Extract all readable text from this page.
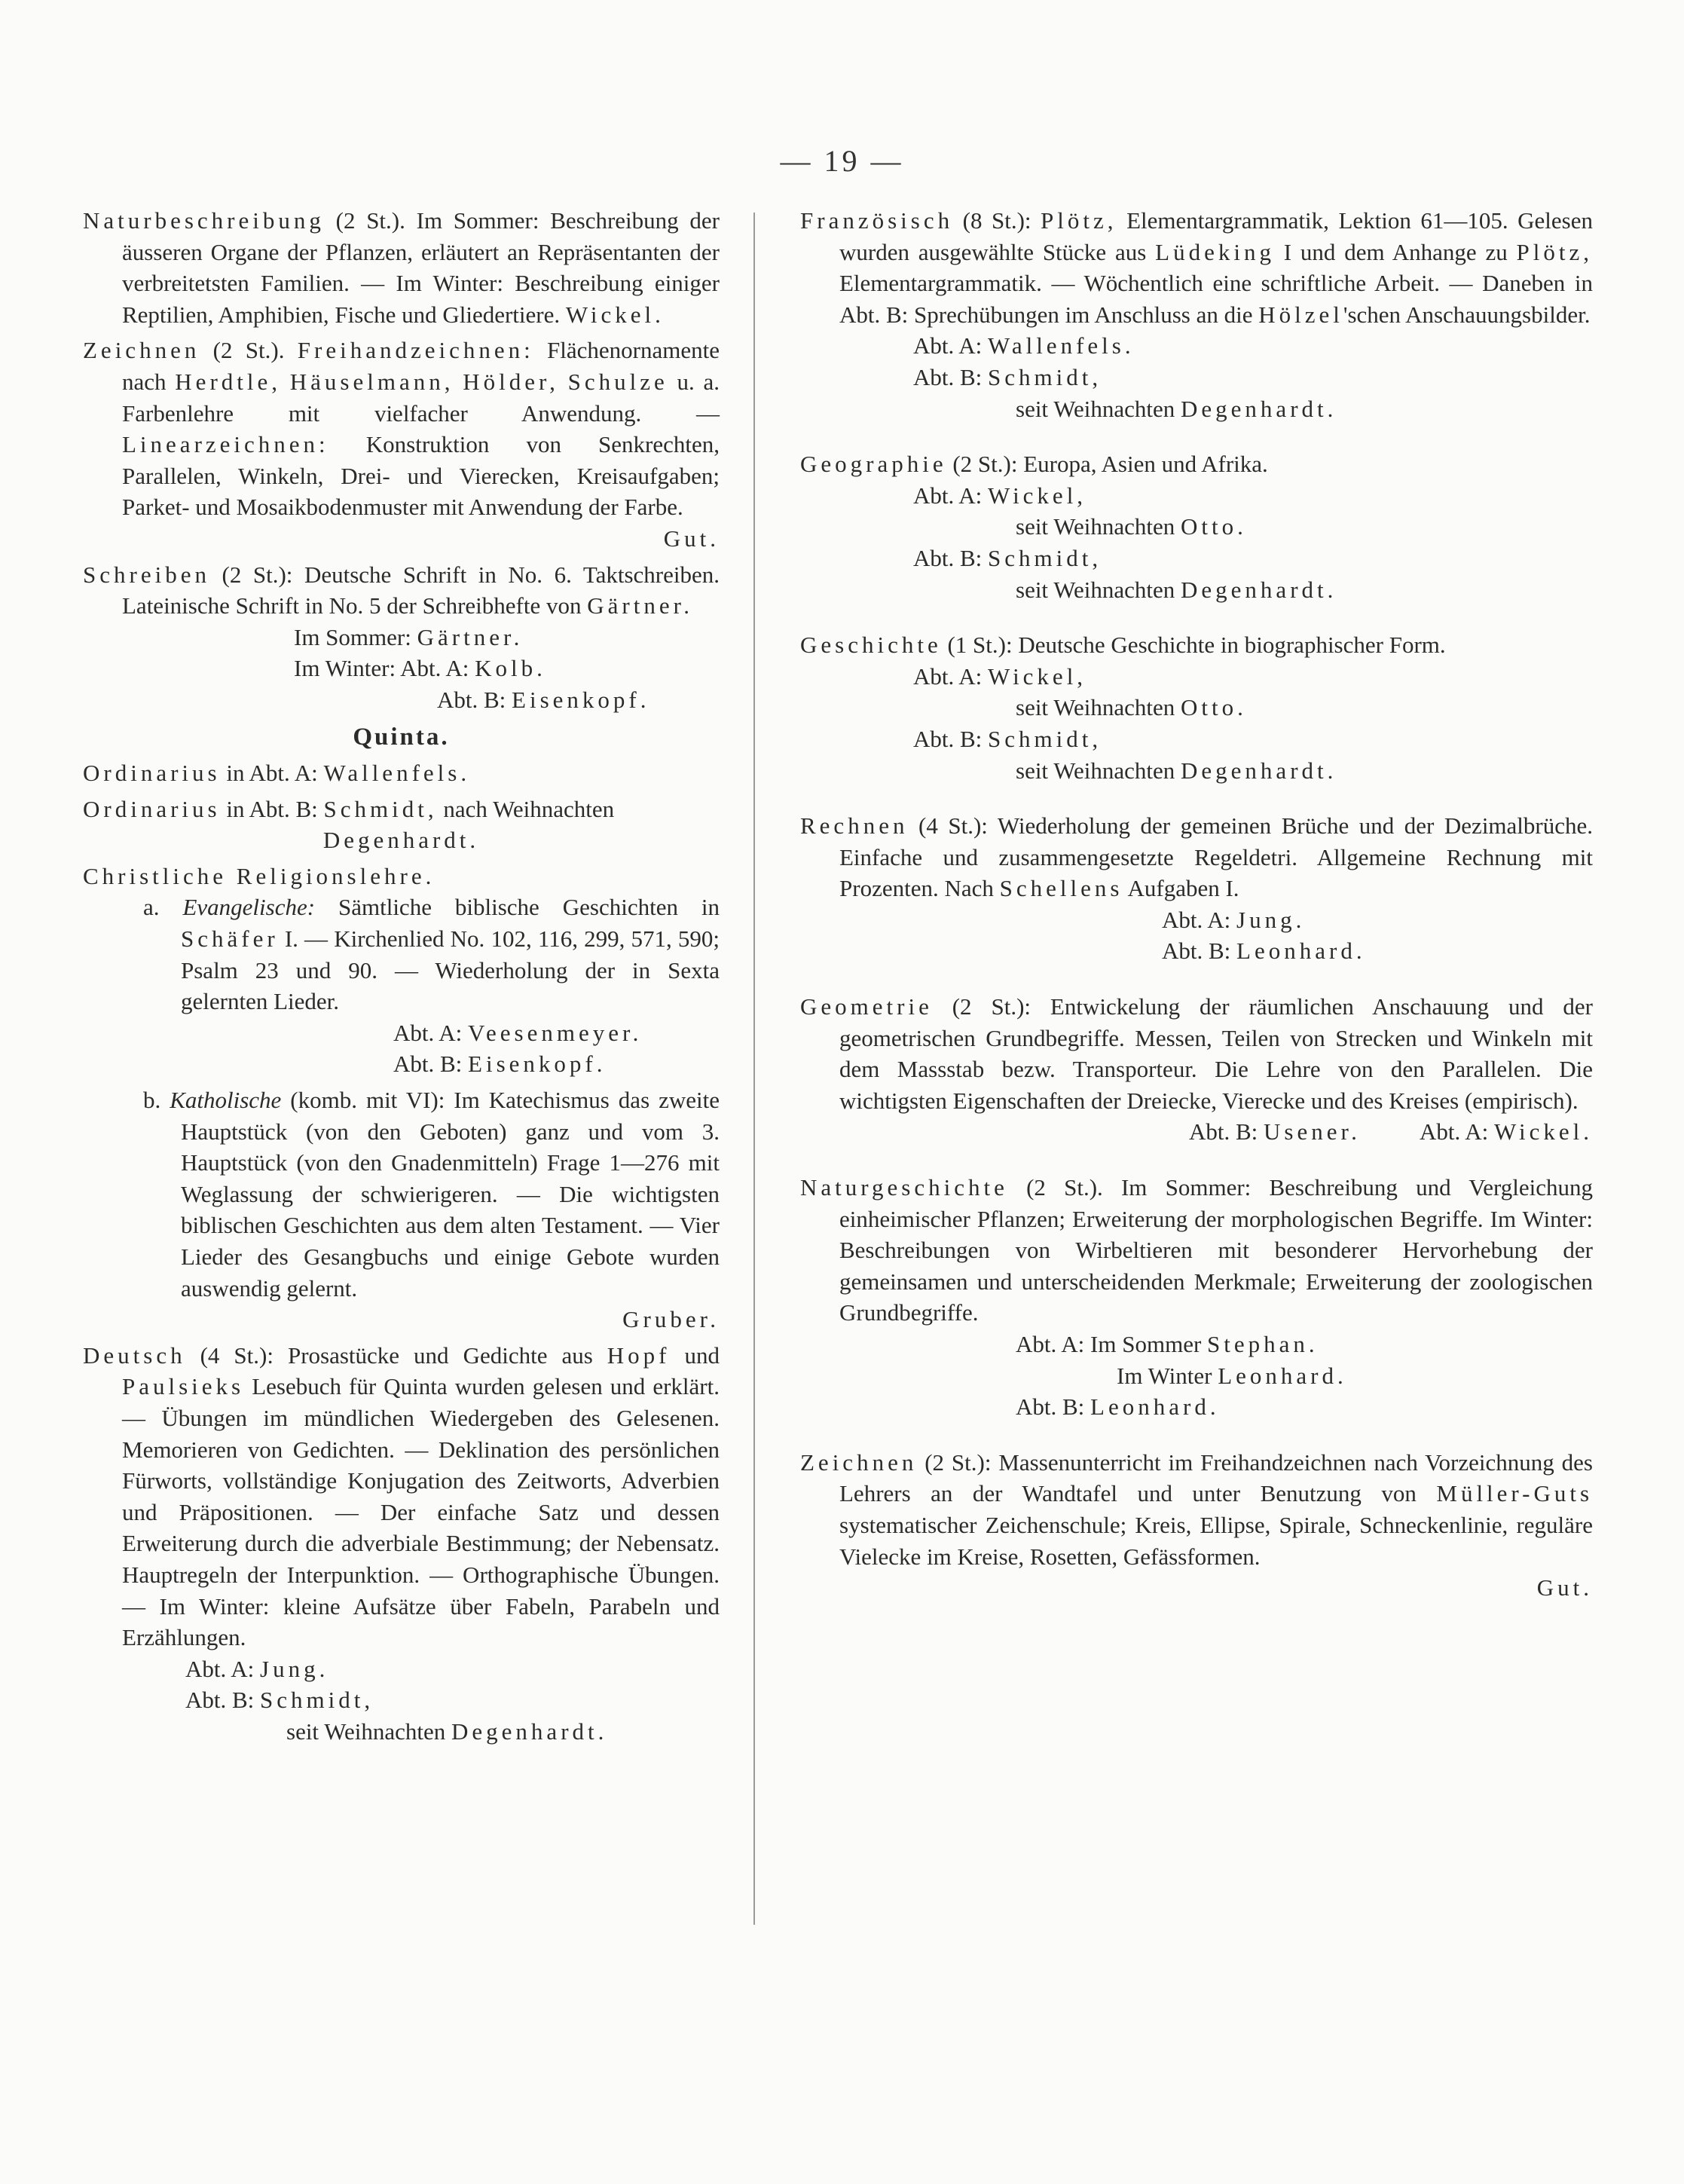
— 19 —

Naturbeschreibung (2 St.). Im Sommer: Beschreibung der äusseren Organe der Pflanzen, erläutert an Repräsentanten der verbreitetsten Familien. — Im Winter: Beschreibung einiger Reptilien, Amphibien, Fische und Gliedertiere. Wickel.

Zeichnen (2 St.). Freihandzeichnen: Flächenornamente nach Herdtle, Häuselmann, Hölder, Schulze u. a. Farbenlehre mit vielfacher Anwendung. — Linearzeichnen: Konstruktion von Senkrechten, Parallelen, Winkeln, Drei- und Vierecken, Kreisaufgaben; Parket- und Mosaikbodenmuster mit Anwendung der Farbe.

Gut.

Schreiben (2 St.): Deutsche Schrift in No. 6. Taktschreiben. Lateinische Schrift in No. 5 der Schreibhefte von Gärtner.

Im Sommer: Gärtner.

Im Winter: Abt. A: Kolb.

Abt. B: Eisenkopf.

Quinta.

Ordinarius in Abt. A: Wallenfels.

Ordinarius in Abt. B: Schmidt, nach Weihnachten

Degenhardt.

Christliche Religionslehre.

a. Evangelische: Sämtliche biblische Geschichten in Schäfer I. — Kirchenlied No. 102, 116, 299, 571, 590; Psalm 23 und 90. — Wiederholung der in Sexta gelernten Lieder.

Abt. A: Veesenmeyer.

Abt. B: Eisenkopf.

b. Katholische (komb. mit VI): Im Katechismus das zweite Hauptstück (von den Geboten) ganz und vom 3. Hauptstück (von den Gnadenmitteln) Frage 1—276 mit Weglassung der schwierigeren. — Die wichtigsten biblischen Geschichten aus dem alten Testament. — Vier Lieder des Gesangbuchs und einige Gebote wurden auswendig gelernt.

Gruber.

Deutsch (4 St.): Prosastücke und Gedichte aus Hopf und Paulsieks Lesebuch für Quinta wurden gelesen und erklärt. — Übungen im mündlichen Wiedergeben des Gelesenen. Memorieren von Gedichten. — Deklination des persönlichen Fürworts, vollständige Konjugation des Zeitworts, Adverbien und Präpositionen. — Der einfache Satz und dessen Erweiterung durch die adverbiale Bestimmung; der Nebensatz. Hauptregeln der Interpunktion. — Orthographische Übungen. — Im Winter: kleine Aufsätze über Fabeln, Parabeln und Erzählungen.

Abt. A: Jung.

Abt. B: Schmidt,

seit Weihnachten Degenhardt.

Französisch (8 St.): Plötz, Elementargrammatik, Lektion 61—105. Gelesen wurden ausgewählte Stücke aus Lüdeking I und dem Anhange zu Plötz, Elementargrammatik. — Wöchentlich eine schriftliche Arbeit. — Daneben in Abt. B: Sprechübungen im Anschluss an die Hölzel'schen Anschauungsbilder.

Abt. A: Wallenfels.

Abt. B: Schmidt,

seit Weihnachten Degenhardt.

Geographie (2 St.): Europa, Asien und Afrika.

Abt. A: Wickel,

seit Weihnachten Otto.

Abt. B: Schmidt,

seit Weihnachten Degenhardt.

Geschichte (1 St.): Deutsche Geschichte in biographischer Form.

Abt. A: Wickel,

seit Weihnachten Otto.

Abt. B: Schmidt,

seit Weihnachten Degenhardt.

Rechnen (4 St.): Wiederholung der gemeinen Brüche und der Dezimalbrüche. Einfache und zusammengesetzte Regeldetri. Allgemeine Rechnung mit Prozenten. Nach Schellens Aufgaben I.

Abt. A: Jung.

Abt. B: Leonhard.

Geometrie (2 St.): Entwickelung der räumlichen Anschauung und der geometrischen Grundbegriffe. Messen, Teilen von Strecken und Winkeln mit dem Massstab bezw. Transporteur. Die Lehre von den Parallelen. Die wichtigsten Eigenschaften der Dreiecke, Vierecke und des Kreises (empirisch).
Abt. A: Wickel.

Abt. B: Usener.

Naturgeschichte (2 St.). Im Sommer: Beschreibung und Vergleichung einheimischer Pflanzen; Erweiterung der morphologischen Begriffe. Im Winter: Beschreibungen von Wirbeltieren mit besonderer Hervorhebung der gemeinsamen und unterscheidenden Merkmale; Erweiterung der zoologischen Grundbegriffe.

Abt. A: Im Sommer Stephan.

Im Winter Leonhard.

Abt. B: Leonhard.

Zeichnen (2 St.): Massenunterricht im Freihandzeichnen nach Vorzeichnung des Lehrers an der Wandtafel und unter Benutzung von Müller-Guts systematischer Zeichenschule; Kreis, Ellipse, Spirale, Schneckenlinie, reguläre Vielecke im Kreise, Rosetten, Gefässformen.

Gut.
